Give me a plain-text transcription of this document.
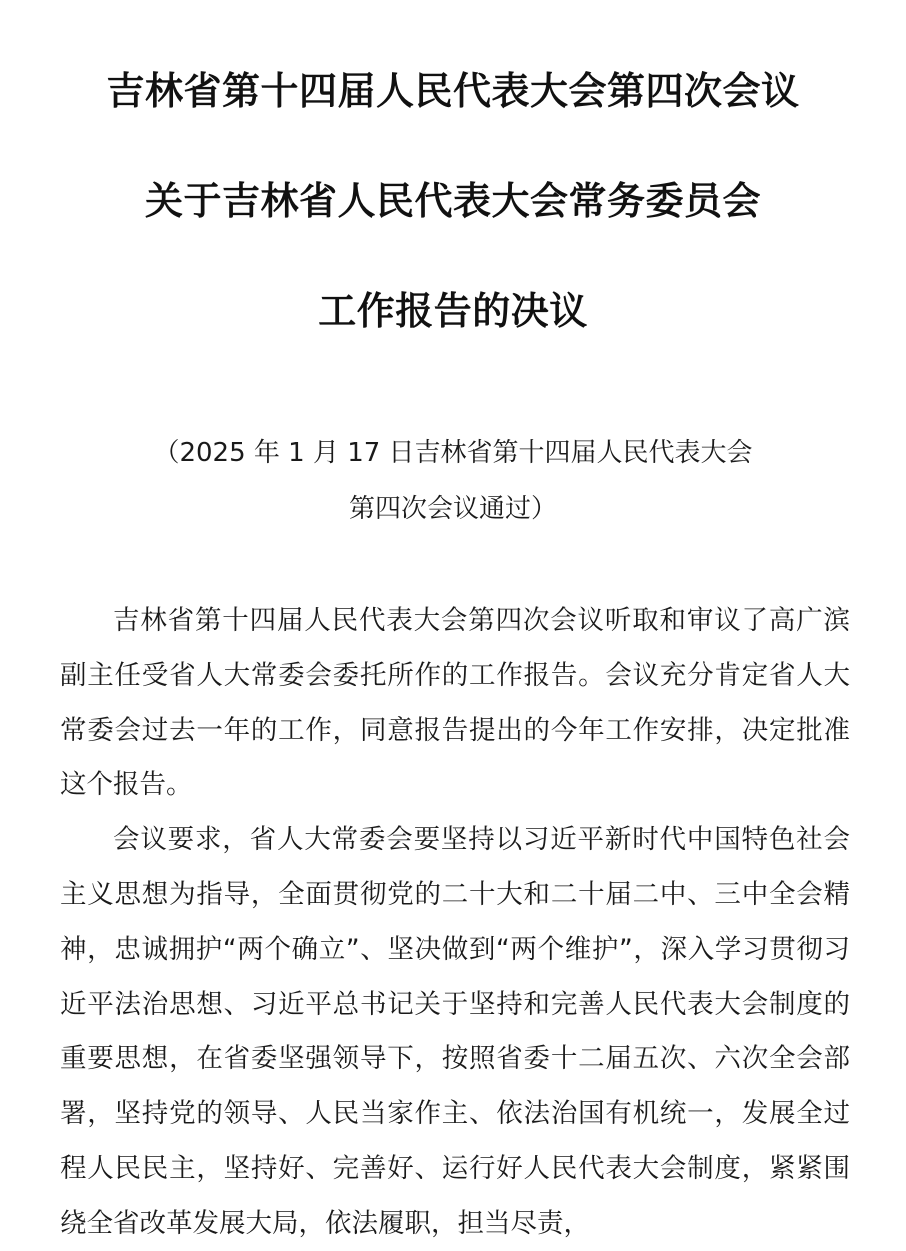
吉林省第十四届人民代表大会第四次会议
关于吉林省人民代表大会常务委员会
工作报告的决议
（2025 年 1 月 17 日吉林省第十四届人民代表大会
第四次会议通过）

吉林省第十四届人民代表大会第四次会议听取和审议了高广滨副主任受省人大常委会委托所作的工作报告。会议充分肯定省人大常委会过去一年的工作，同意报告提出的今年工作安排，决定批准这个报告。

会议要求，省人大常委会要坚持以习近平新时代中国特色社会主义思想为指导，全面贯彻党的二十大和二十届二中、三中全会精神，忠诚拥护“两个确立”、坚决做到“两个维护”，深入学习贯彻习近平法治思想、习近平总书记关于坚持和完善人民代表大会制度的重要思想，在省委坚强领导下，按照省委十二届五次、六次全会部署，坚持党的领导、人民当家作主、依法治国有机统一，发展全过程人民民主，坚持好、完善好、运行好人民代表大会制度，紧紧围绕全省改革发展大局，依法履职，担当尽责，
